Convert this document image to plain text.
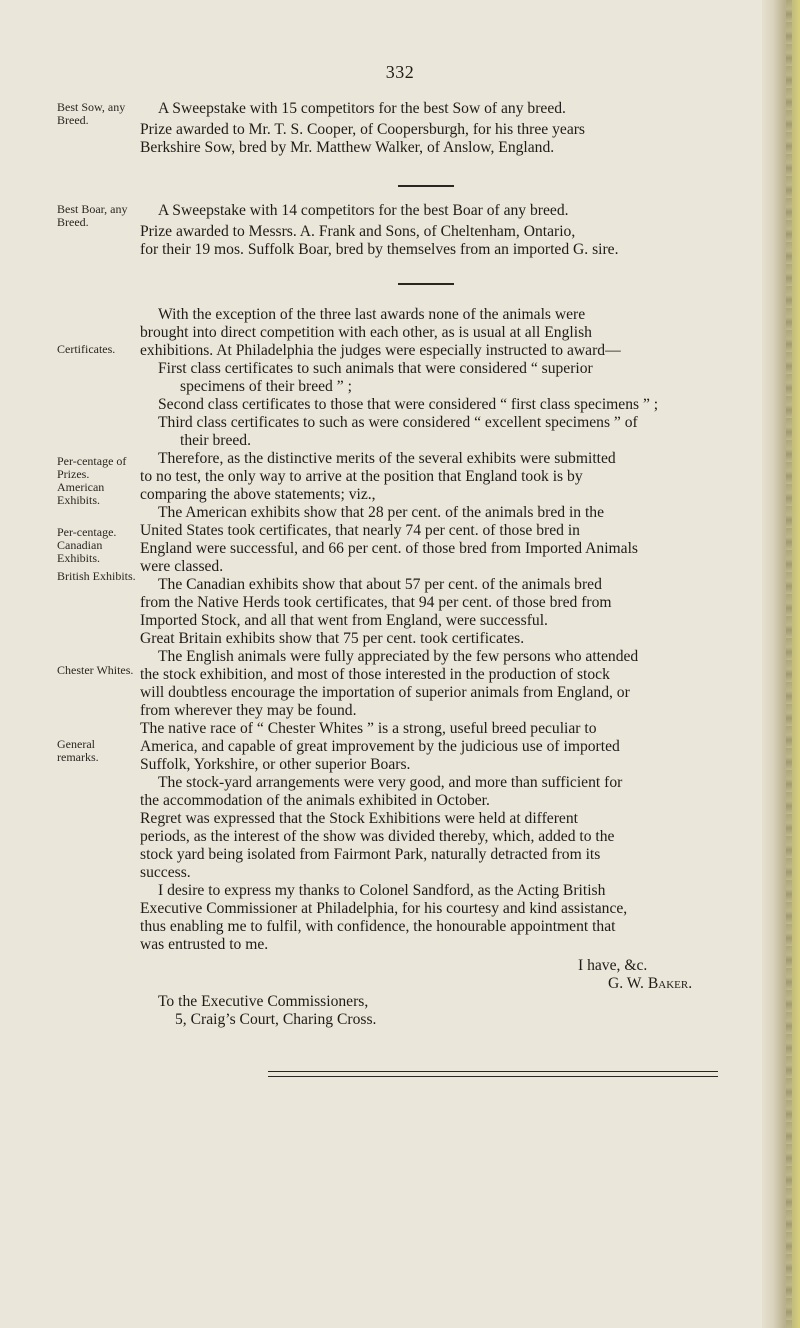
332
Best Sow, any Breed.
Best Boar, any Breed.
Certificates.
Per-centage of Prizes. American Exhibits.
Per-centage. Canadian Exhibits.
British Exhibits.
Chester Whites.
General remarks.
A Sweepstake with 15 competitors for the best Sow of any breed.
Prize awarded to Mr. T. S. Cooper, of Coopersburgh, for his three years
Berkshire Sow, bred by Mr. Matthew Walker, of Anslow, England.
A Sweepstake with 14 competitors for the best Boar of any breed.
Prize awarded to Messrs. A. Frank and Sons, of Cheltenham, Ontario,
for their 19 mos. Suffolk Boar, bred by themselves from an imported G. sire.
With the exception of the three last awards none of the animals were
brought into direct competition with each other, as is usual at all English
exhibitions. At Philadelphia the judges were especially instructed to award—
First class certificates to such animals that were considered “ superior
specimens of their breed ” ;
Second class certificates to those that were considered “ first class specimens ” ;
Third class certificates to such as were considered “ excellent specimens ” of
their breed.
Therefore, as the distinctive merits of the several exhibits were submitted
to no test, the only way to arrive at the position that England took is by
comparing the above statements; viz.,
The American exhibits show that 28 per cent. of the animals bred in the
United States took certificates, that nearly 74 per cent. of those bred in
England were successful, and 66 per cent. of those bred from Imported Animals
were classed.
The Canadian exhibits show that about 57 per cent. of the animals bred
from the Native Herds took certificates, that 94 per cent. of those bred from
Imported Stock, and all that went from England, were successful.
Great Britain exhibits show that 75 per cent. took certificates.
The English animals were fully appreciated by the few persons who attended
the stock exhibition, and most of those interested in the production of stock
will doubtless encourage the importation of superior animals from England, or
from wherever they may be found.
The native race of “ Chester Whites ” is a strong, useful breed peculiar to
America, and capable of great improvement by the judicious use of imported
Suffolk, Yorkshire, or other superior Boars.
The stock-yard arrangements were very good, and more than sufficient for
the accommodation of the animals exhibited in October.
Regret was expressed that the Stock Exhibitions were held at different
periods, as the interest of the show was divided thereby, which, added to the
stock yard being isolated from Fairmont Park, naturally detracted from its
success.
I desire to express my thanks to Colonel Sandford, as the Acting British
Executive Commissioner at Philadelphia, for his courtesy and kind assistance,
thus enabling me to fulfil, with confidence, the honourable appointment that
was entrusted to me.
I have, &c.
G. W. Baker.
To the Executive Commissioners,
5, Craig’s Court, Charing Cross.
